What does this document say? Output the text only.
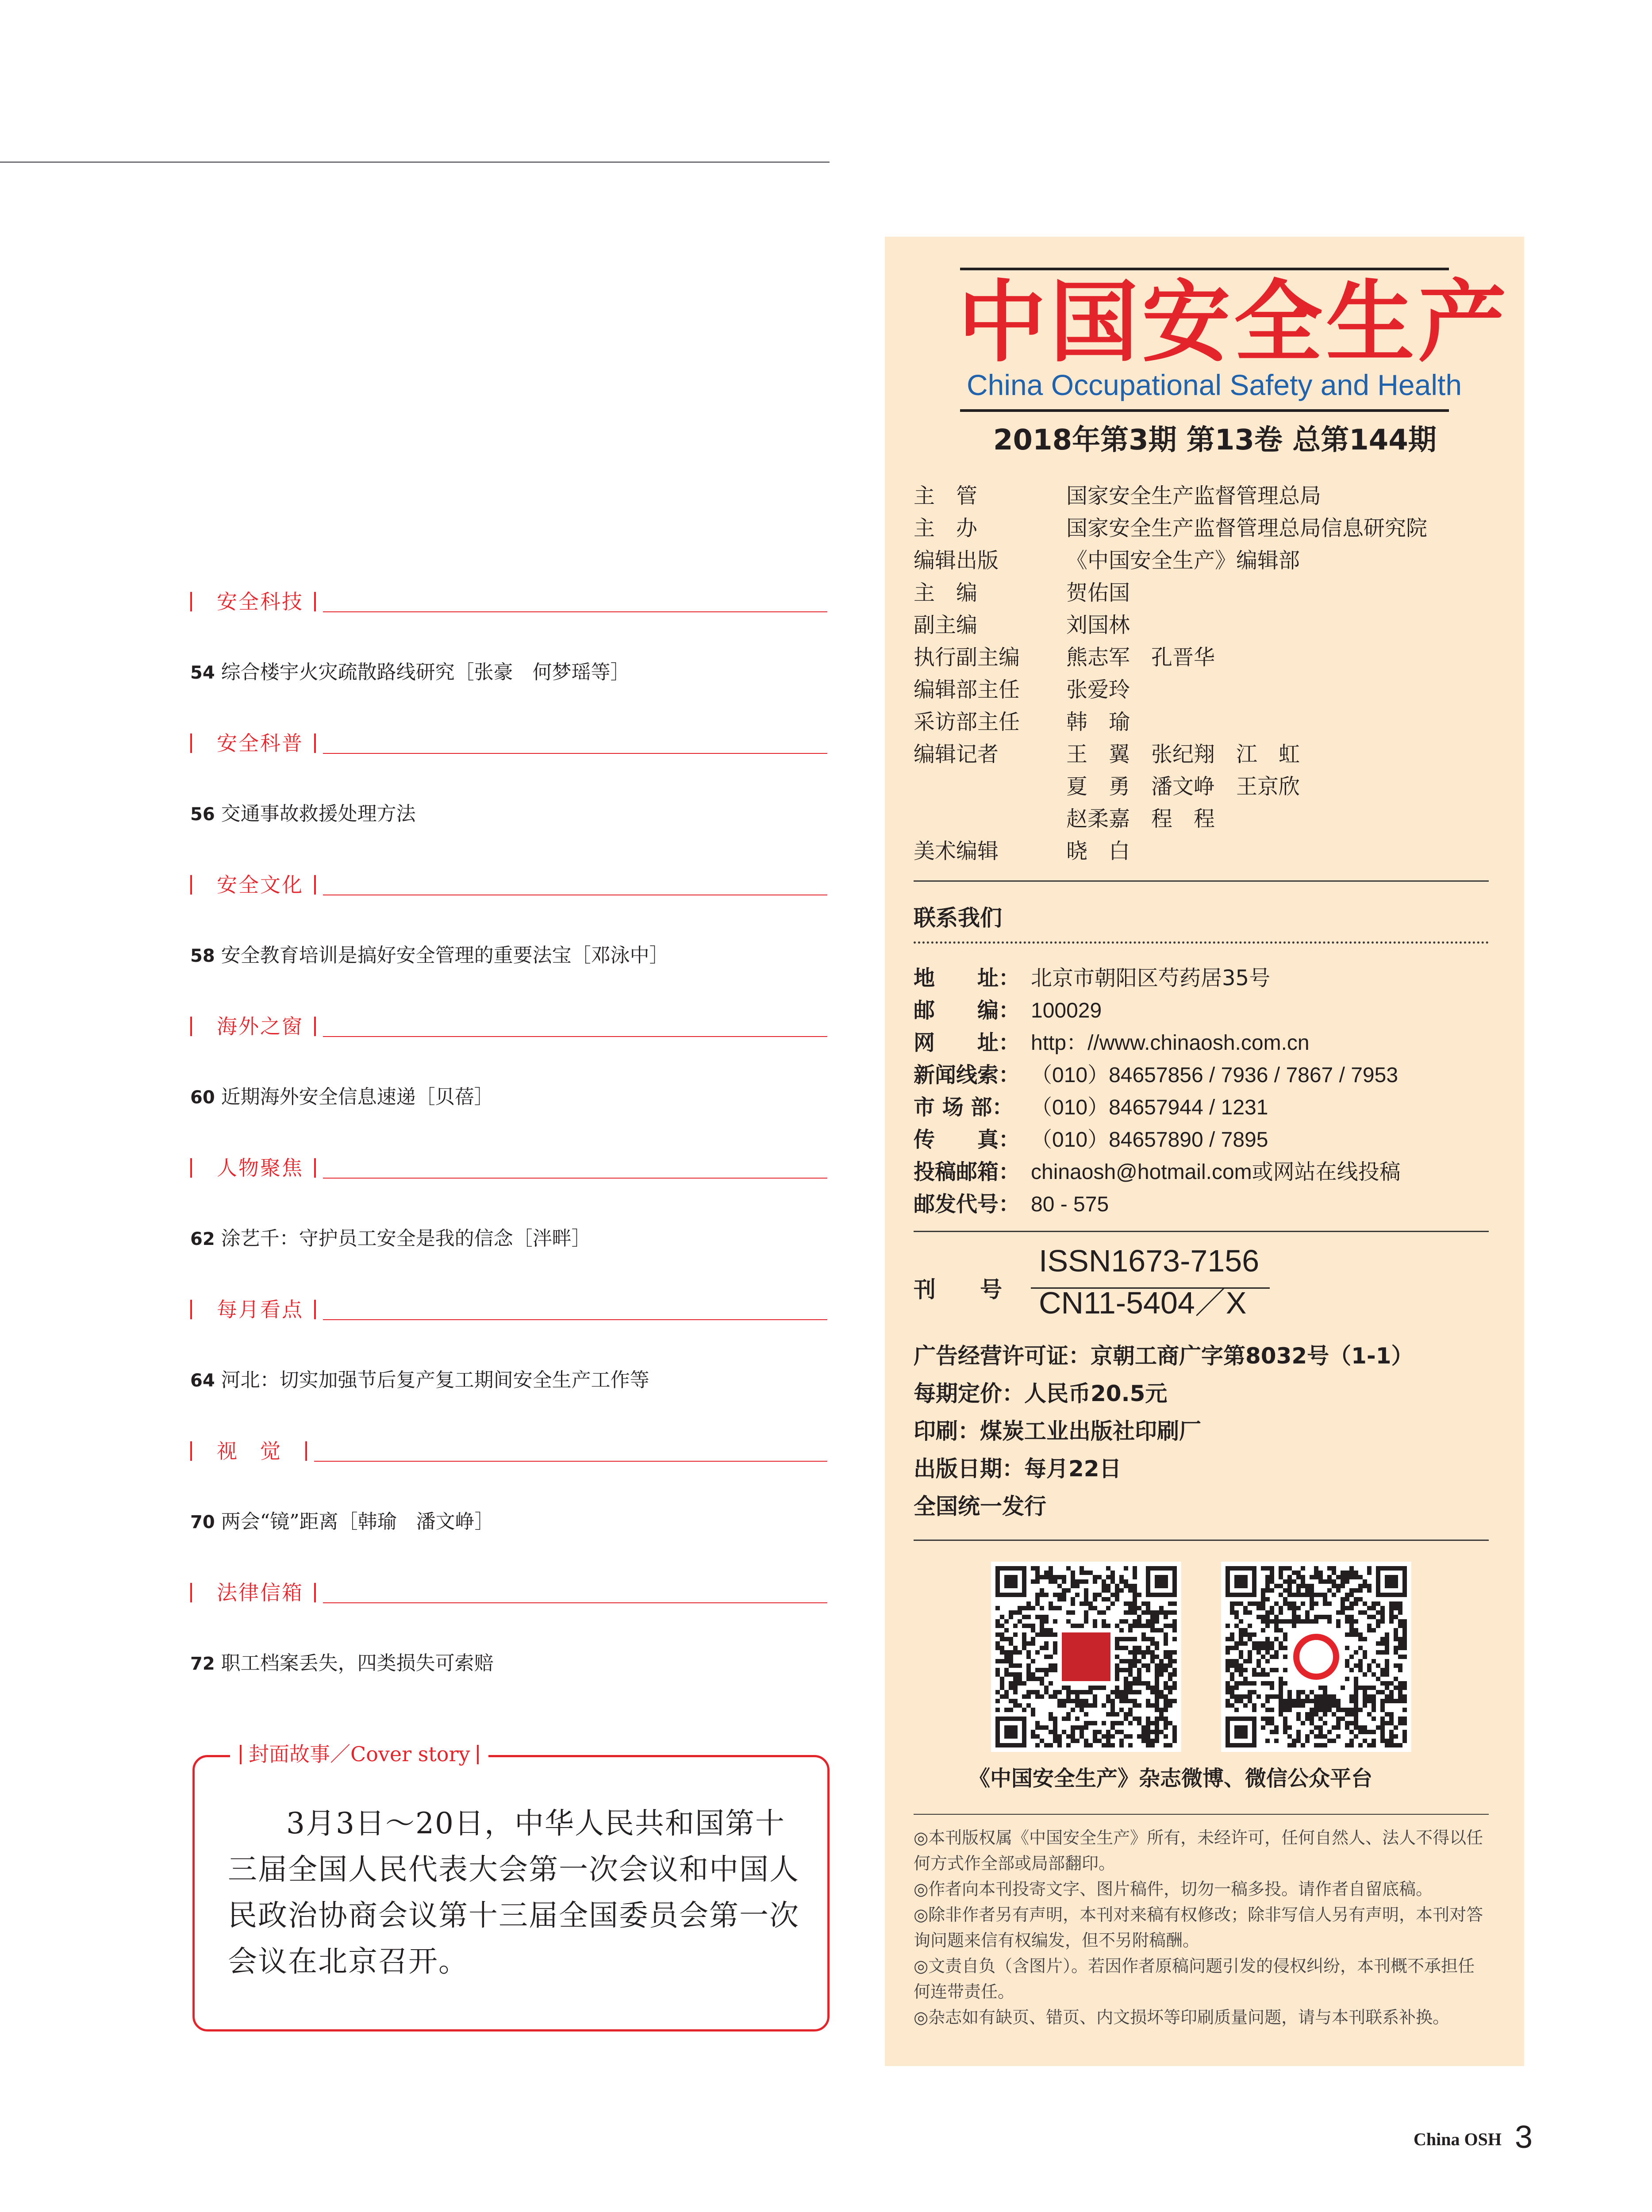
安全科技
54 综合楼宇火灾疏散路线研究［张豪　何梦瑶等］
安全科普
56 交通事故救援处理方法
安全文化
58 安全教育培训是搞好安全管理的重要法宝［邓泳中］
海外之窗
60 近期海外安全信息速递［贝蓓］
人物聚焦
62 涂艺千：守护员工安全是我的信念［泮畔］
每月看点
64 河北：切实加强节后复产复工期间安全生产工作等
视　觉
70 两会“镜”距离［韩瑜　潘文峥］
法律信箱
72 职工档案丢失，四类损失可索赔
封面故事／Cover story
3月3日～20日，中华人民共和国第十三届全国人民代表大会第一次会议和中国人民政治协商会议第十三届全国委员会第一次会议在北京召开。
中国安全生产
China Occupational Safety and Health
2018年第3期 第13卷 总第144期
主　管	国家安全生产监督管理总局
主　办	国家安全生产监督管理总局信息研究院
编辑出版	《中国安全生产》编辑部
主　编	贺佑国
副主编	刘国林
执行副主编 熊志军　孔晋华
编辑部主任 张爱玲
采访部主任 韩　瑜
编辑记者	王　翼　张纪翔　江　虹
夏　勇　潘文峥　王京欣
赵柔嘉　程　程
美术编辑	晓　白
联系我们
地　　址： 北京市朝阳区芍药居35号
邮　　编： 100029
网　　址： http：//www.chinaosh.com.cn
新闻线索： （010）84657856 / 7936 / 7867 / 7953
市 场 部： （010）84657944 / 1231
传　　真： （010）84657890 / 7895
投稿邮箱： chinaosh@hotmail.com或网站在线投稿
邮发代号： 80 - 575
刊　　号
ISSN1673-7156
CN11-5404／X
广告经营许可证：京朝工商广字第8032号（1-1）
每期定价：人民币20.5元
印刷：煤炭工业出版社印刷厂
出版日期：每月22日
全国统一发行
《中国安全生产》杂志微博、微信公众平台

◎本刊版权属《中国安全生产》所有，未经许可，任何自然人、法人不得以任何方式作全部或局部翻印。

◎作者向本刊投寄文字、图片稿件，切勿一稿多投。请作者自留底稿。

◎除非作者另有声明，本刊对来稿有权修改；除非写信人另有声明，本刊对答询问题来信有权编发，但不另附稿酬。

◎文责自负（含图片）。若因作者原稿问题引发的侵权纠纷，本刊概不承担任何连带责任。

◎杂志如有缺页、错页、内文损坏等印刷质量问题，请与本刊联系补换。

China OSH 3
